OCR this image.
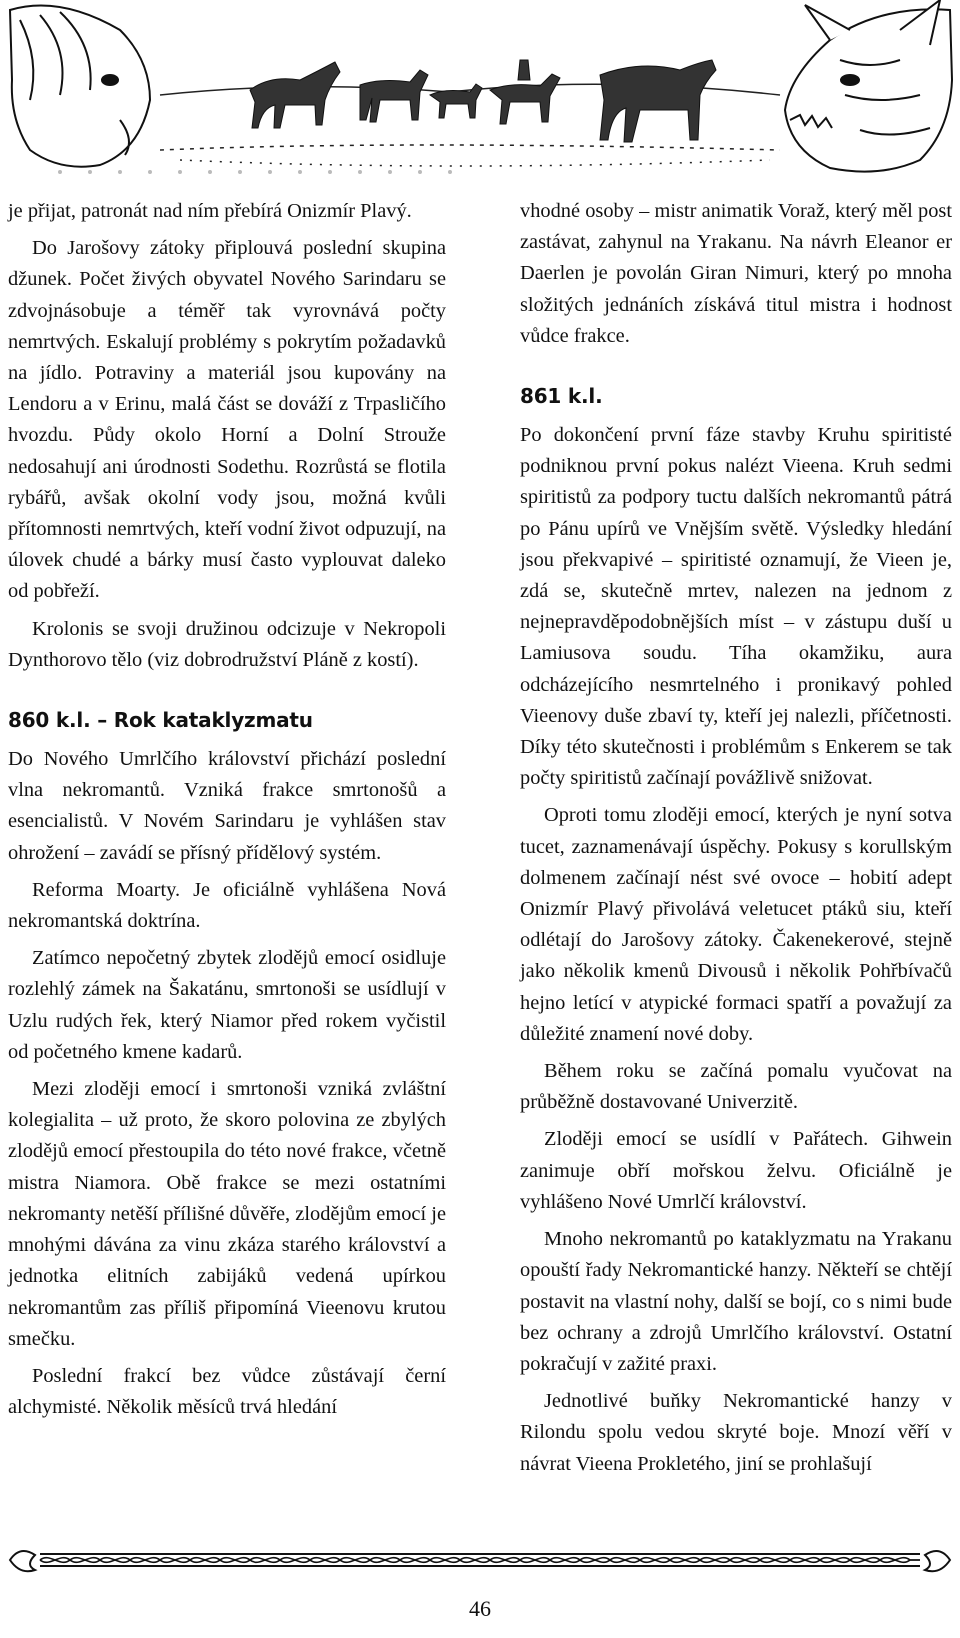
je přijat, patronát nad ním přebírá Onizmír Plavý.

Do Jarošovy zátoky připlouvá poslední skupina džunek. Počet živých obyvatel Nového Sarindaru se zdvojnásobuje a téměř tak vyrovnává počty nemrtvých. Eskalují problémy s pokrytím požadavků na jídlo. Potraviny a materiál jsou kupovány na Lendoru a v Erinu, malá část se dováží z Trpasličího hvozdu. Půdy okolo Horní a Dolní Strouže nedosahují ani úrodnosti Sodethu. Rozrůstá se flotila rybářů, avšak okolní vody jsou, možná kvůli přítomnosti nemrtvých, kteří vodní život odpuzují, na úlovek chudé a bárky musí často vyplouvat daleko od pobřeží.

Krolonis se svoji družinou odcizuje v Nekropoli Dynthorovo tělo (viz dobrodružství Pláně z kostí).

860 k.l. – Rok kataklyzmatu

Do Nového Umrlčího království přichází poslední vlna nekromantů. Vzniká frakce smrtonošů a esencialistů. V Novém Sarindaru je vyhlášen stav ohrožení – zavádí se přísný přídělový systém.

Reforma Moarty. Je oficiálně vyhlášena Nová nekromantská doktrína.

Zatímco nepočetný zbytek zlodějů emocí osidluje rozlehlý zámek na Šakatánu, smrtonoši se usídlují v Uzlu rudých řek, který Niamor před rokem vyčistil od početného kmene kadarů.

Mezi zloději emocí i smrtonoši vzniká zvláštní kolegialita – už proto, že skoro polovina ze zbylých zlodějů emocí přestoupila do této nové frakce, včetně mistra Niamora. Obě frakce se mezi ostatními nekromanty netěší přílišné důvěře, zlodějům emocí je mnohými dávána za vinu zkáza starého království a jednotka elitních zabijáků vedená upírkou nekromantům zas příliš připomíná Vieenovu krutou smečku.

Poslední frakcí bez vůdce zůstávají černí alchymisté. Několik měsíců trvá hledání

vhodné osoby – mistr animatik Vorаž, který měl post zastávat, zahynul na Yrakanu. Na návrh Eleanor er Daerlen je povolán Giran Nimuri, který po mnoha složitých jednáních získává titul mistra i hodnost vůdce frakce.

861 k.l.

Po dokončení první fáze stavby Kruhu spiritisté podniknou první pokus nalézt Vieena. Kruh sedmi spiritistů za podpory tuctu dalších nekromantů pátrá po Pánu upírů ve Vnějším světě. Výsledky hledání jsou překvapivé – spiritisté oznamují, že Vieen je, zdá se, skutečně mrtev, nalezen na jednom z nejnepravděpodobnějších míst – v zástupu duší u Lamiusova soudu. Tíha okamžiku, aura odcházejícího nesmrtelného i pronikavý pohled Vieenovy duše zbaví ty, kteří jej nalezli, příčetnosti. Díky této skutečnosti i problémům s Enkerem se tak počty spiritistů začínají povážlivě snižovat.

Oproti tomu zloději emocí, kterých je nyní sotva tucet, zaznamenávají úspěchy. Pokusy s korullským dolmenem začínají nést své ovoce – hobití adept Onizmír Plavý přivolává veletucet ptáků siu, kteří odlétají do Jarošovy zátoky. Čakenekerové, stejně jako několik kmenů Divousů i několik Pohřbívačů hejno letící v atypické formaci spatří a považují za důležité znamení nové doby.

Během roku se začíná pomalu vyučovat na průběžně dostavované Univerzitě.

Zloději emocí se usídlí v Pařátech. Gihwein zanimuje obří mořskou želvu. Oficiálně je vyhlášeno Nové Umrlčí království.

Mnoho nekromantů po kataklyzmatu na Yrakanu opouští řady Nekromantické hanzy. Někteří se chtějí postavit na vlastní nohy, další se bojí, co s nimi bude bez ochrany a zdrojů Umrlčího království. Ostatní pokračují v zažité praxi.

Jednotlivé buňky Nekromantické hanzy v Rilondu spolu vedou skryté boje. Mnozí věří v návrat Vieena Prokletého, jiní se prohlašují

46
